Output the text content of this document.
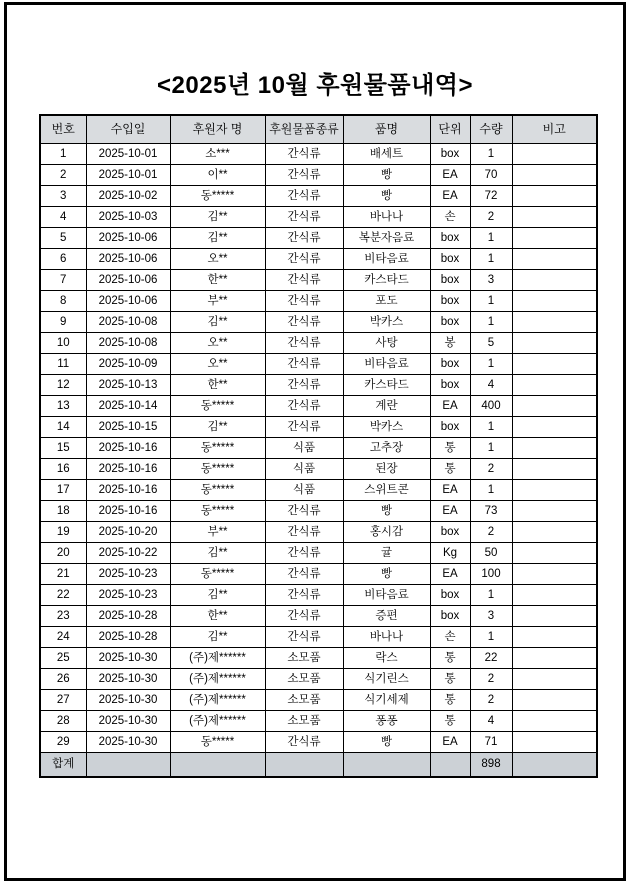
<2025년 10월 후원물품내역>
번호	수입일	후원자 명	후원물품종류	품명	단위	수량	비고
1	2025-10-01	소***	간식류	배세트	box	1	
2	2025-10-01	이**	간식류	빵	EA	70	
3	2025-10-02	동*****	간식류	빵	EA	72	
4	2025-10-03	김**	간식류	바나나	손	2	
5	2025-10-06	김**	간식류	복분자음료	box	1	
6	2025-10-06	오**	간식류	비타음료	box	1	
7	2025-10-06	한**	간식류	카스타드	box	3	
8	2025-10-06	부**	간식류	포도	box	1	
9	2025-10-08	김**	간식류	박카스	box	1	
10	2025-10-08	오**	간식류	사탕	봉	5	
11	2025-10-09	오**	간식류	비타음료	box	1	
12	2025-10-13	한**	간식류	카스타드	box	4	
13	2025-10-14	동*****	간식류	계란	EA	400	
14	2025-10-15	김**	간식류	박카스	box	1	
15	2025-10-16	동*****	식품	고추장	통	1	
16	2025-10-16	동*****	식품	된장	통	2	
17	2025-10-16	동*****	식품	스위트콘	EA	1	
18	2025-10-16	동*****	간식류	빵	EA	73	
19	2025-10-20	부**	간식류	홍시감	box	2	
20	2025-10-22	김**	간식류	귤	Kg	50	
21	2025-10-23	동*****	간식류	빵	EA	100	
22	2025-10-23	김**	간식류	비타음료	box	1	
23	2025-10-28	한**	간식류	증편	box	3	
24	2025-10-28	김**	간식류	바나나	손	1	
25	2025-10-30	(주)제******	소모품	락스	통	22	
26	2025-10-30	(주)제******	소모품	식기린스	통	2	
27	2025-10-30	(주)제******	소모품	식기세제	통	2	
28	2025-10-30	(주)제******	소모품	퐁퐁	통	4	
29	2025-10-30	동*****	간식류	빵	EA	71	
합계						898	
